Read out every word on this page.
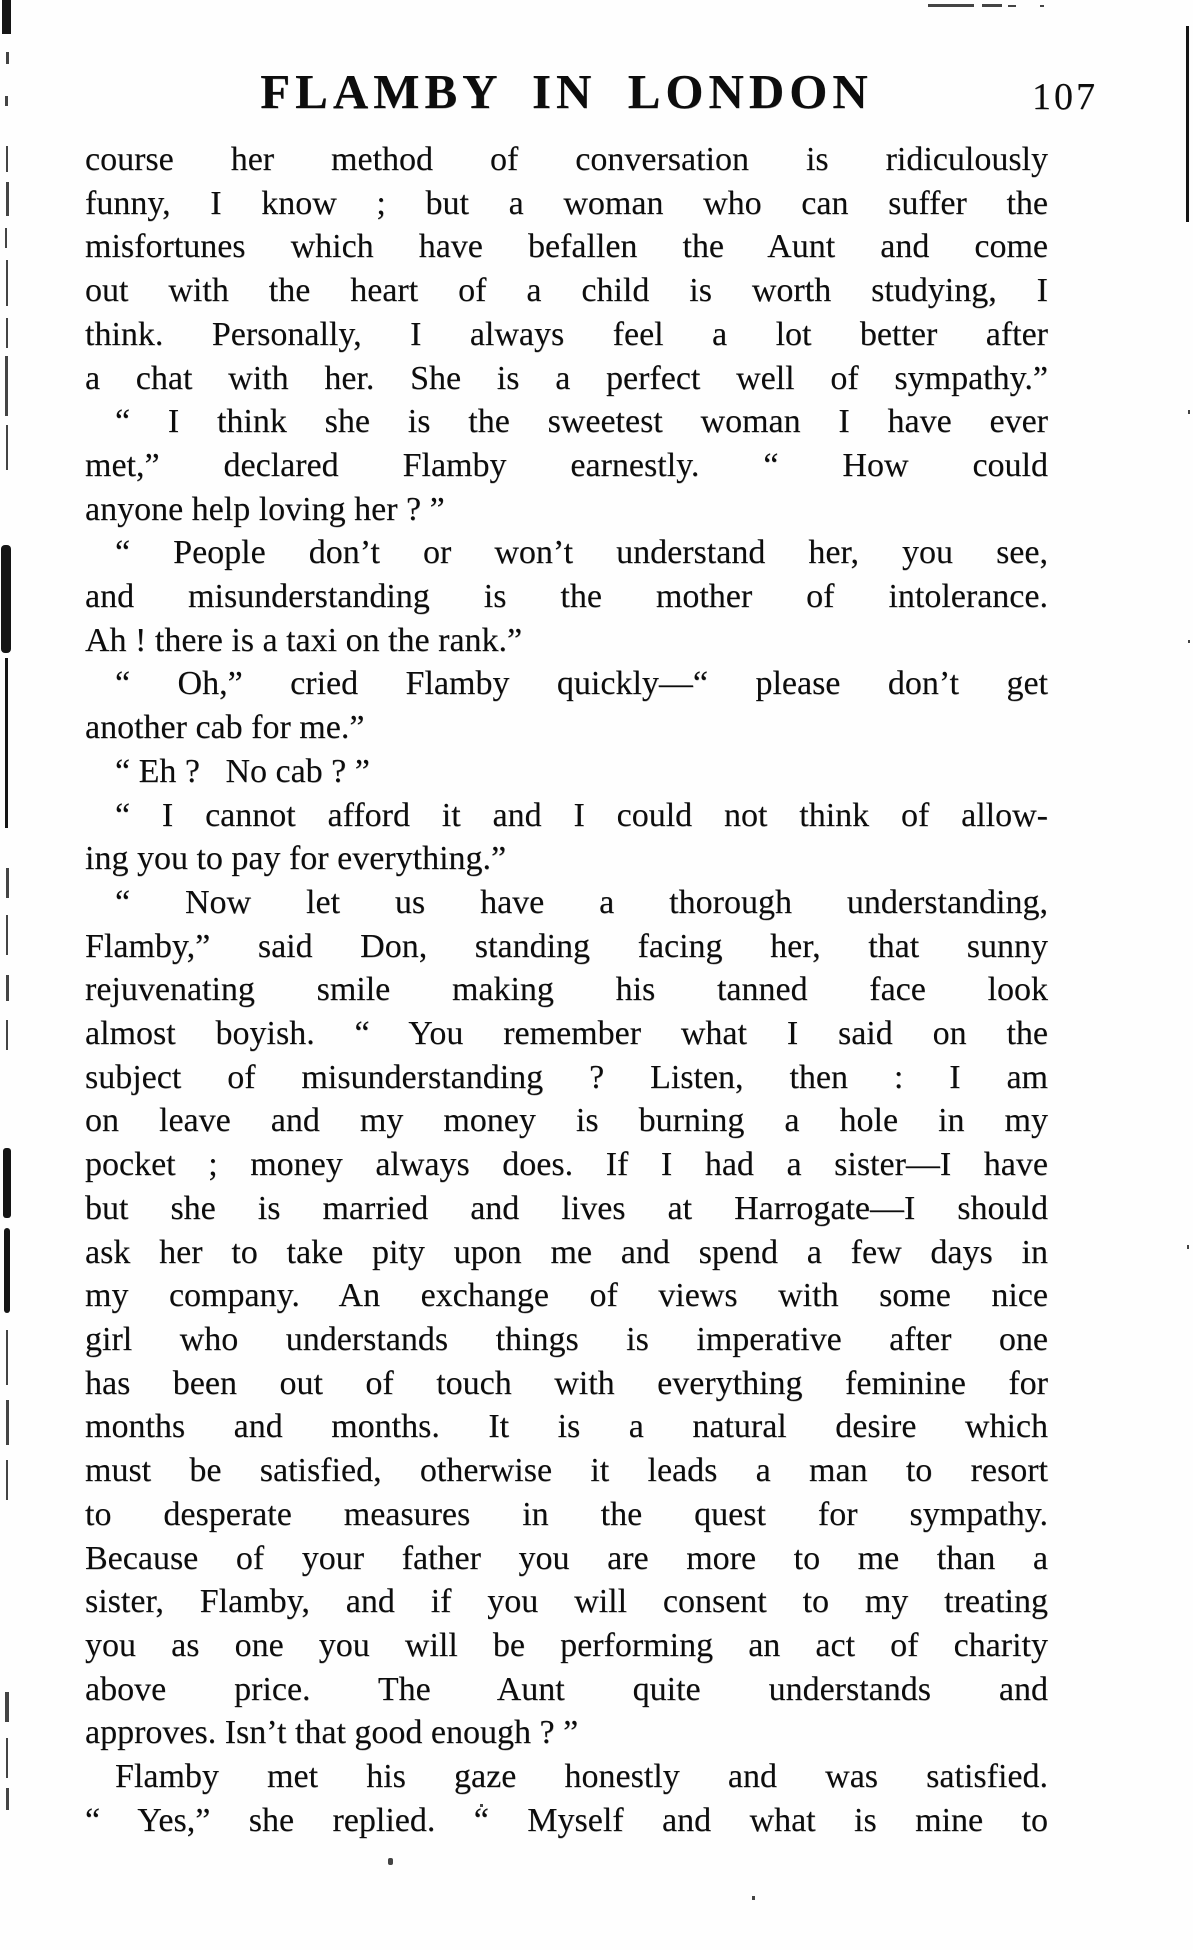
FLAMBY IN LONDON	107
course her method of conversation is ridiculously
funny, I know ; but a woman who can suffer the
misfortunes which have befallen the Aunt and come
out with the heart of a child is worth studying, I
think. Personally, I always feel a lot better after
a chat with her. She is a perfect well of sympathy.”
“ I think she is the sweetest woman I have ever
met,” declared Flamby earnestly. “ How could
anyone help loving her ? ”
“ People don’t or won’t understand her, you see,
and misunderstanding is the mother of intolerance.
Ah ! there is a taxi on the rank.”
“ Oh,” cried Flamby quickly—“ please don’t get
another cab for me.”
“ Eh ?  No cab ? ”
“ I cannot afford it and I could not think of allow-
ing you to pay for everything.”
“ Now let us have a thorough understanding,
Flamby,” said Don, standing facing her, that sunny
rejuvenating smile making his tanned face look
almost boyish. “ You remember what I said on the
subject of misunderstanding ? Listen, then : I am
on leave and my money is burning a hole in my
pocket ; money always does. If I had a sister—I have
but she is married and lives at Harrogate—I should
ask her to take pity upon me and spend a few days in
my company. An exchange of views with some nice
girl who understands things is imperative after one
has been out of touch with everything feminine for
months and months. It is a natural desire which
must be satisfied, otherwise it leads a man to resort
to desperate measures in the quest for sympathy.
Because of your father you are more to me than a
sister, Flamby, and if you will consent to my treating
you as one you will be performing an act of charity
above price. The Aunt quite understands and
approves. Isn’t that good enough ? ”
Flamby met his gaze honestly and was satisfied.
“ Yes,” she replied. “ Myself and what is mine to
